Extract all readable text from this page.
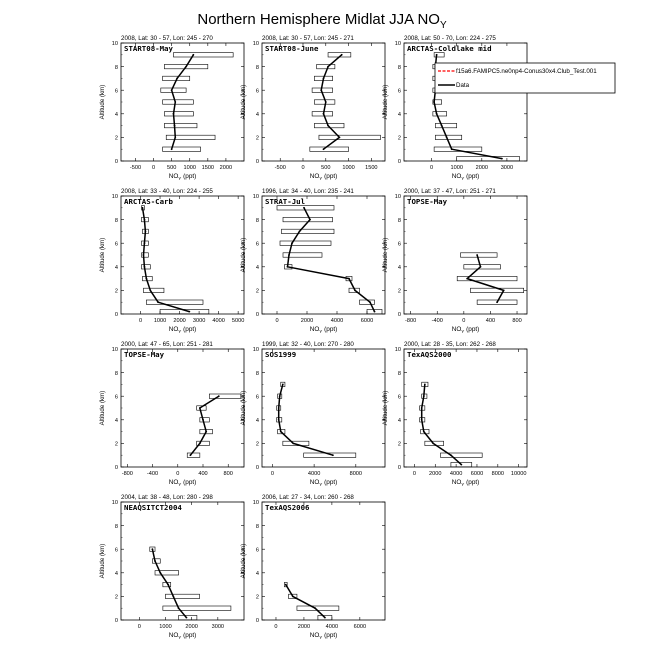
Northern Hemisphere Midlat JJA $NO_Y$
2008, Lat: 30 - 57, Lon: 245 - 270
START08-May
0
2
4
6
8
10
-500 0 500 1000 1500 2000
$NO_Y$ (ppt)
Altitude (km)
2008, Lat: 30 - 57, Lon: 245 - 271
START08-June
0
2
4
6
8
10
-500	0	500 1000 1500
$NO_Y$ (ppt)
Altitude (km)
2008, Lat: 50 - 70, Lon: 224 - 275
ARCTAS-Coldlake mid
0
2
4
6
8
10
0	1000 2000 3000
$NO_Y$ (ppt)
Altitude (km)
2008, Lat: 33 - 40, Lon: 224 - 255
ARCTAS-Carb
0
2
4
6
8
10
0 1000 2000 3000 4000 5000
$NO_Y$ (ppt)
Altitude (km)
1996, Lat: 34 - 40, Lon: 235 - 241
STRAT-Jul
0
2
4
6
8
10
0	2000	4000	6000
$NO_Y$ (ppt)
Altitude (km)
2000, Lat: 37 - 47, Lon: 251 - 271
TOPSE-May
0
2
4
6
8
10
-800	-400	0	400	800
$NO_Y$ (ppt)
Altitude (km)
2000, Lat: 47 - 65, Lon: 251 - 281
TOPSE-May
0
2
4
6
8
10
-800	-400	0	400	800
$NO_Y$ (ppt)
Altitude (km)
1999, Lat: 32 - 40, Lon: 270 - 280
SOS1999
0
2
4
6
8
10
0	4000	8000
$NO_Y$ (ppt)
Altitude (km)
2000, Lat: 28 - 35, Lon: 262 - 268
TexAQS2000
0
2
4
6
8
10
0 2000 4000 6000 8000 10000
$NO_Y$ (ppt)
Altitude (km)
2004, Lat: 38 - 48, Lon: 280 - 298
NEAQSITCT2004
0
2
4
6
8
10
0	1000 2000 3000
$NO_Y$ (ppt)
Altitude (km)
2006, Lat: 27 - 34, Lon: 260 - 268
TexAQS2006
0
2
4
6
8
10
0	2000	4000	6000
$NO_Y$ (ppt)
Altitude (km)
f15a6.FAMIPC5.ne0np4-Conus30x4.Club_Test.001
Data
